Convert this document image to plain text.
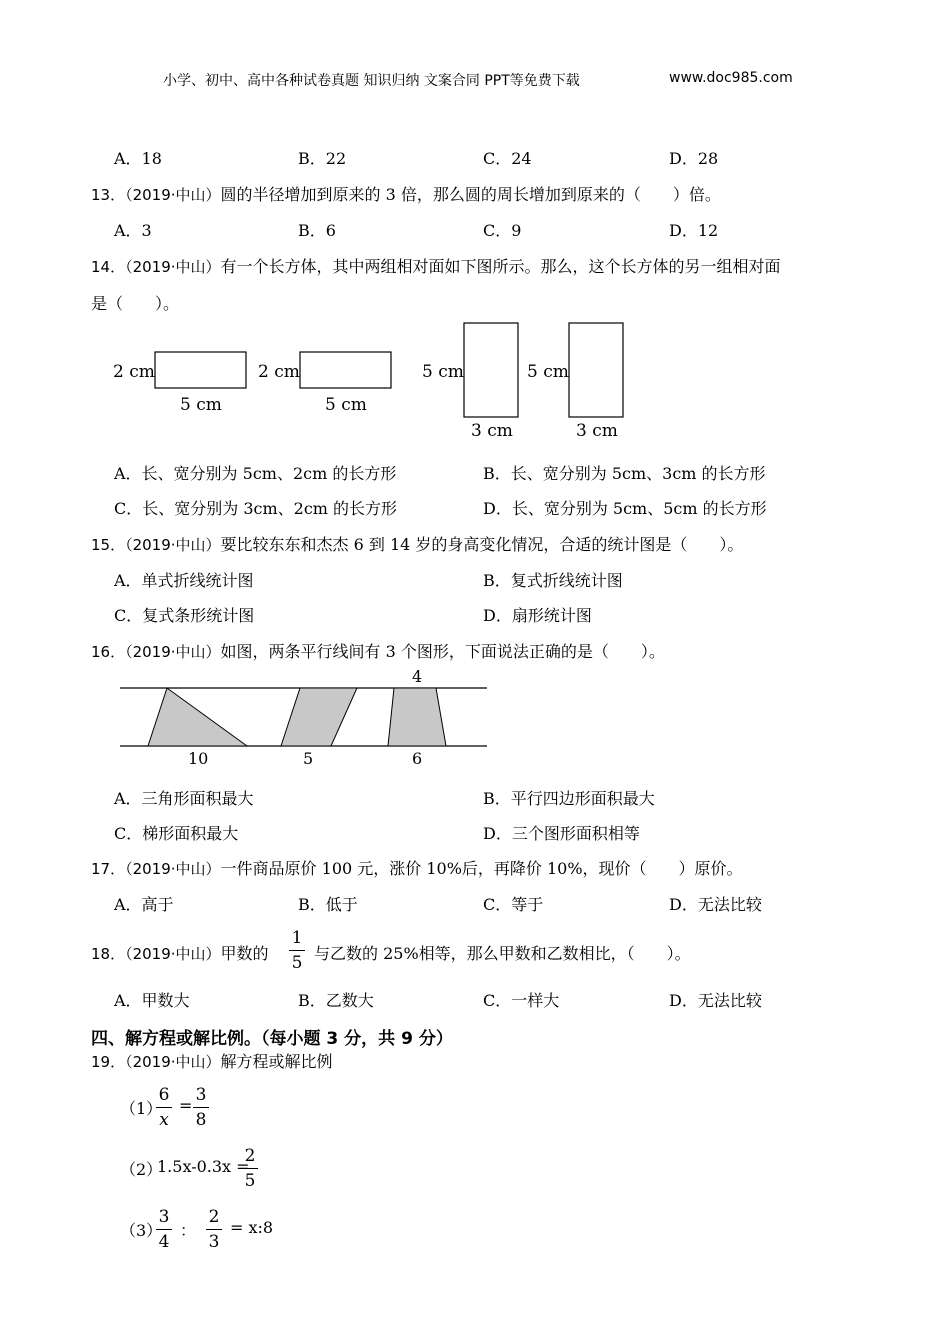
小学、初中、高中各种试卷真题 知识归纳 文案合同 PPT等免费下载	www.doc985.com
A．18	B．22	C．24	D．28
13．（2019·中山）圆的半径增加到原来的 3 倍，那么圆的周长增加到原来的（　　）倍。
A．3	B．6	C．9	D．12
14．（2019·中山）有一个长方体，其中两组相对面如下图所示。那么，这个长方体的另一组相对面
是（　　）。
2 cm
5 cm
2 cm
5 cm
5 cm
3 cm
5 cm
3 cm
A．长、宽分别为 5cm、2cm 的长方形	B．长、宽分别为 5cm、3cm 的长方形
C．长、宽分别为 3cm、2cm 的长方形	D．长、宽分别为 5cm、5cm 的长方形
15．（2019·中山）要比较东东和杰杰 6 到 14 岁的身高变化情况，合适的统计图是（　　）。
A．单式折线统计图	B．复式折线统计图
C．复式条形统计图	D．扇形统计图
16．（2019·中山）如图，两条平行线间有 3 个图形，下面说法正确的是（　　）。
4
10	5	6
A．三角形面积最大	B．平行四边形面积最大
C．梯形面积最大	D．三个图形面积相等
17．（2019·中山）一件商品原价 100 元，涨价 10%后，再降价 10%，现价（　　）原价。
A．高于	B．低于	C．等于	D．无法比较
18．（2019·中山）甲数的
1
5 与乙数的 25%相等，那么甲数和乙数相比，（　　）。
A．甲数大	B．乙数大	C．一样大	D．无法比较
四、解方程或解比例。（每小题 3 分，共 9 分）
19．（2019·中山）解方程或解比例
（1）
6
x
=
3
8
（2）
1.5x-0.3x =
2
5
（3）
3
4
：
2
3
= x:8
